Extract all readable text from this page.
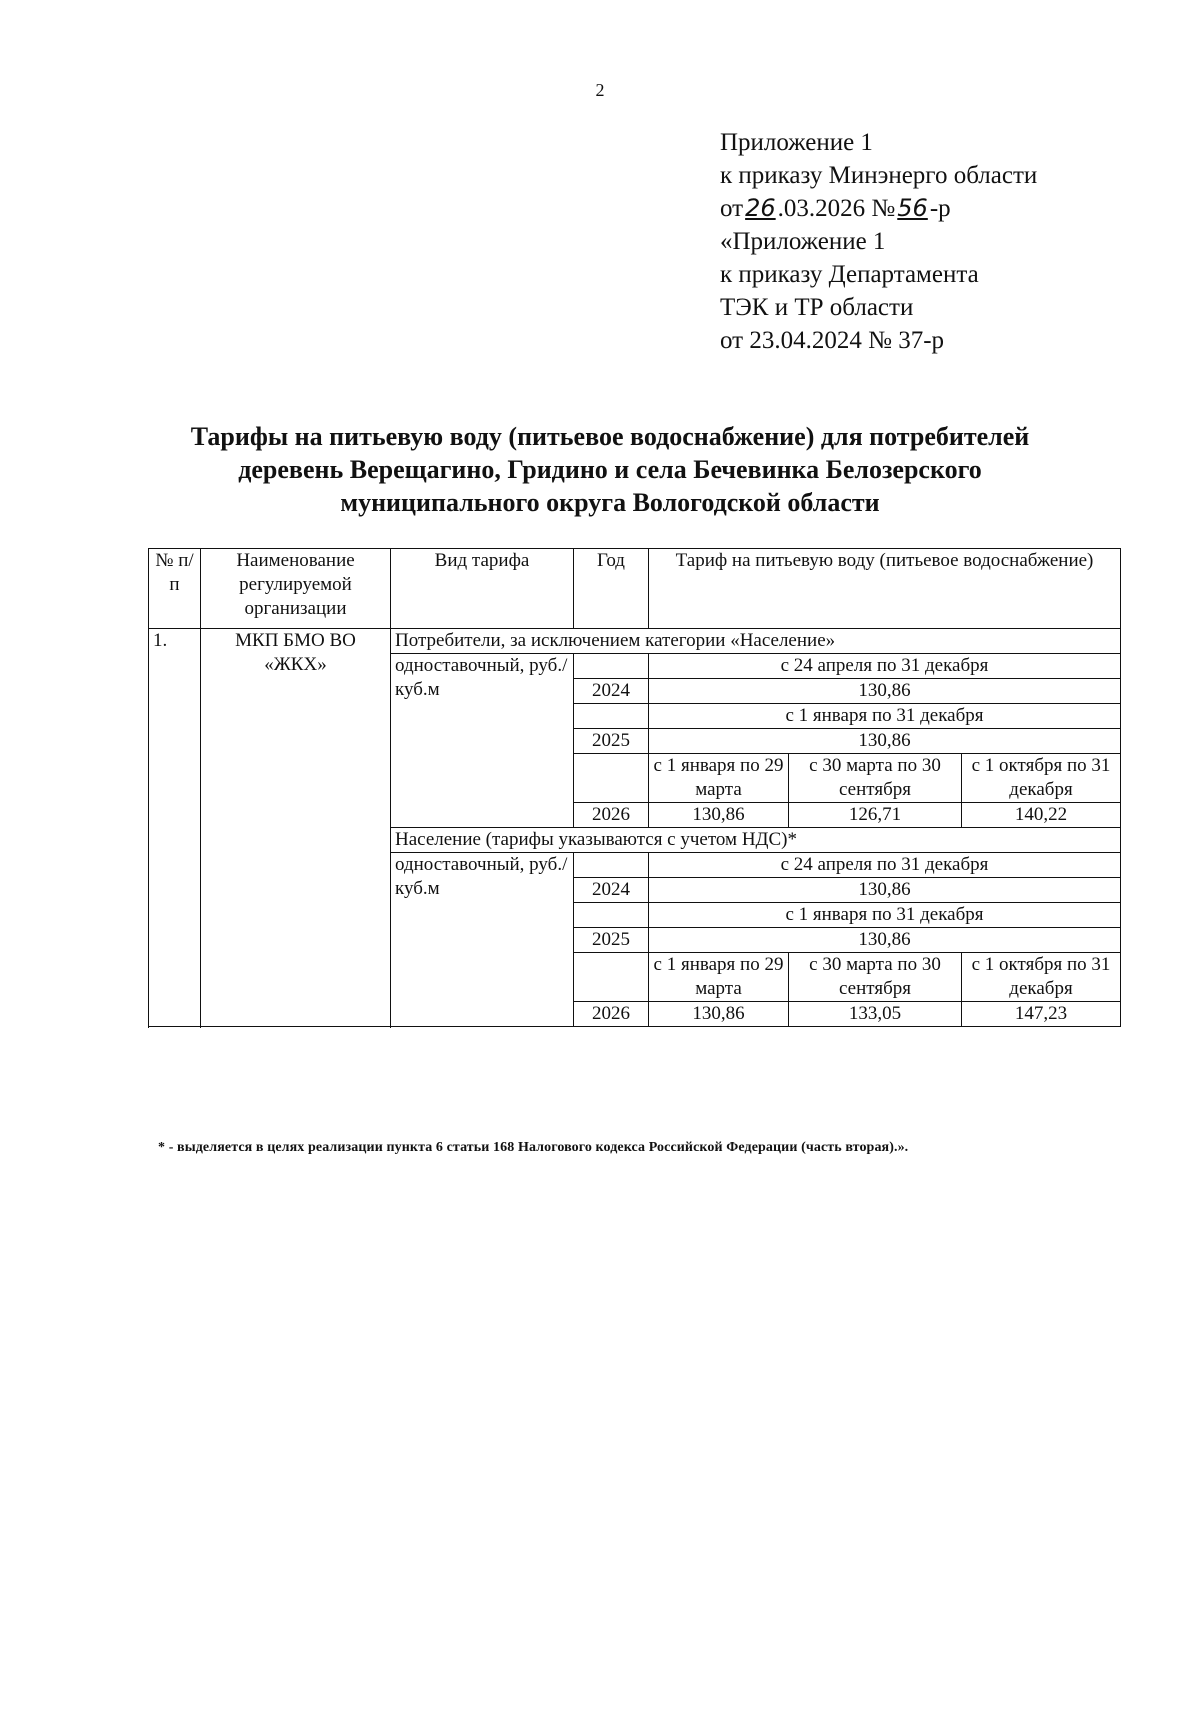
2
Приложение 1
к приказу Минэнерго области
от26.03.2026 №56-р
«Приложение 1
к приказу Департамента
ТЭК и ТР области
от 23.04.2024 № 37-р
Тарифы на питьевую воду (питьевое водоснабжение) для потребителей
деревень Верещагино, Гридино и села Бечевинка Белозерского
муниципального округа Вологодской области
№ п/п	Наименование регулируемой организации	Вид тарифа	Год	Тариф на питьевую воду (питьевое водоснабжение)		
1.	МКП БМО ВО «ЖКХ»	Потребители, за исключением категории «Население»				
		одноставочный, руб./куб.м		с 24 апреля по 31 декабря		
			2024	130,86		
				с 1 января по 31 декабря		
			2025	130,86		
				с 1 января по 29 марта	с 30 марта по 30 сентября	с 1 октября по 31 декабря
			2026	130,86	126,71	140,22

		Население (тарифы указываются с учетом НДС)*				
		одноставочный, руб./куб.м		с 24 апреля по 31 декабря		
			2024	130,86		
				с 1 января по 31 декабря		
			2025	130,86		
				с 1 января по 29 марта	с 30 марта по 30 сентября	с 1 октября по 31 декабря
			2026	130,86	133,05	147,23

* - выделяется в целях реализации пункта 6 статьи 168 Налогового кодекса Российской Федерации (часть вторая).».
